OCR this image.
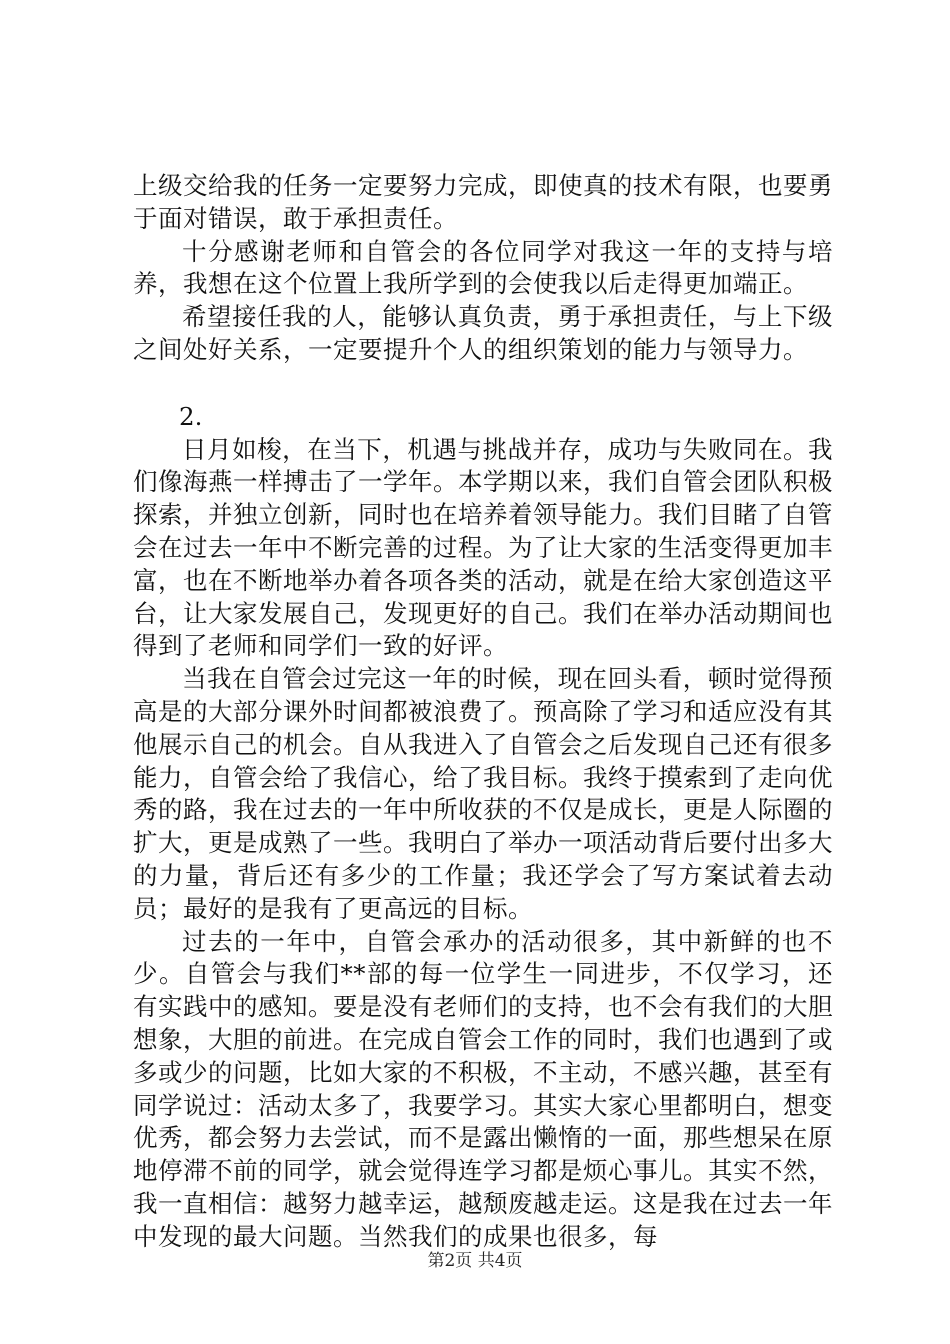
上级交给我的任务一定要努力完成，即使真的技术有限，也要勇于面对错误，敢于承担责任。

十分感谢老师和自管会的各位同学对我这一年的支持与培养，我想在这个位置上我所学到的会使我以后走得更加端正。

希望接任我的人，能够认真负责，勇于承担责任，与上下级之间处好关系，一定要提升个人的组织策划的能力与领导力。

2.

日月如梭，在当下，机遇与挑战并存，成功与失败同在。我们像海燕一样搏击了一学年。本学期以来，我们自管会团队积极探索，并独立创新，同时也在培养着领导能力。我们目睹了自管会在过去一年中不断完善的过程。为了让大家的生活变得更加丰富，也在不断地举办着各项各类的活动，就是在给大家创造这平台，让大家发展自己，发现更好的自己。我们在举办活动期间也得到了老师和同学们一致的好评。

当我在自管会过完这一年的时候，现在回头看，顿时觉得预高是的大部分课外时间都被浪费了。预高除了学习和适应没有其他展示自己的机会。自从我进入了自管会之后发现自己还有很多能力，自管会给了我信心，给了我目标。我终于摸索到了走向优秀的路，我在过去的一年中所收获的不仅是成长，更是人际圈的扩大，更是成熟了一些。我明白了举办一项活动背后要付出多大的力量，背后还有多少的工作量；我还学会了写方案试着去动员；最好的是我有了更高远的目标。

过去的一年中，自管会承办的活动很多，其中新鲜的也不少。自管会与我们**部的每一位学生一同进步，不仅学习，还有实践中的感知。要是没有老师们的支持，也不会有我们的大胆想象，大胆的前进。在完成自管会工作的同时，我们也遇到了或多或少的问题，比如大家的不积极，不主动，不感兴趣，甚至有同学说过：活动太多了，我要学习。其实大家心里都明白，想变优秀，都会努力去尝试，而不是露出懒惰的一面，那些想呆在原地停滞不前的同学，就会觉得连学习都是烦心事儿。其实不然，我一直相信：越努力越幸运，越颓废越走运。这是我在过去一年中发现的最大问题。当然我们的成果也很多，每

第2页 共4页
